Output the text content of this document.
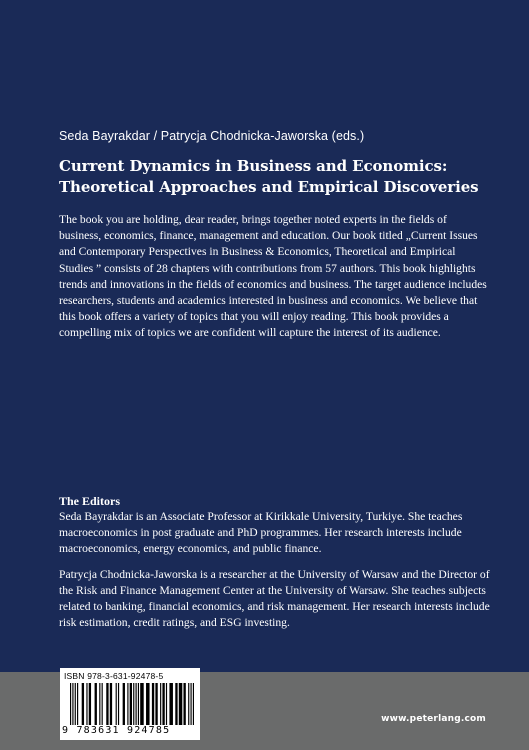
Seda Bayrakdar / Patrycja Chodnicka-Jaworska (eds.)

Current Dynamics in Business and Economics:
Theoretical Approaches and Empirical Discoveries

The book you are holding, dear reader, brings together noted experts in the fields of business, economics, finance, management and education. Our book titled „Current Issues and Contemporary Perspectives in Business & Economics, Theoretical and Empirical Studies ” consists of 28 chapters with contributions from 57 authors. This book highlights trends and innovations in the fields of economics and business. The target audience includes researchers, students and academics interested in business and economics. We believe that this book offers a variety of topics that you will enjoy reading. This book provides a compelling mix of topics we are confident will capture the interest of its audience.

The Editors

Seda Bayrakdar is an Associate Professor at Kirikkale University, Turkiye. She teaches macroeconomics in post graduate and PhD programmes. Her research interests include macroeconomics, energy economics, and public finance.

Patrycja Chodnicka-Jaworska is a researcher at the University of Warsaw and the Director of the Risk and Finance Management Center at the University of Warsaw. She teaches subjects related to banking, financial economics, and risk management. Her research interests include risk estimation, credit ratings, and ESG investing.

ISBN 978-3-631-92478-5
9 783631 924785
www.peterlang.com
